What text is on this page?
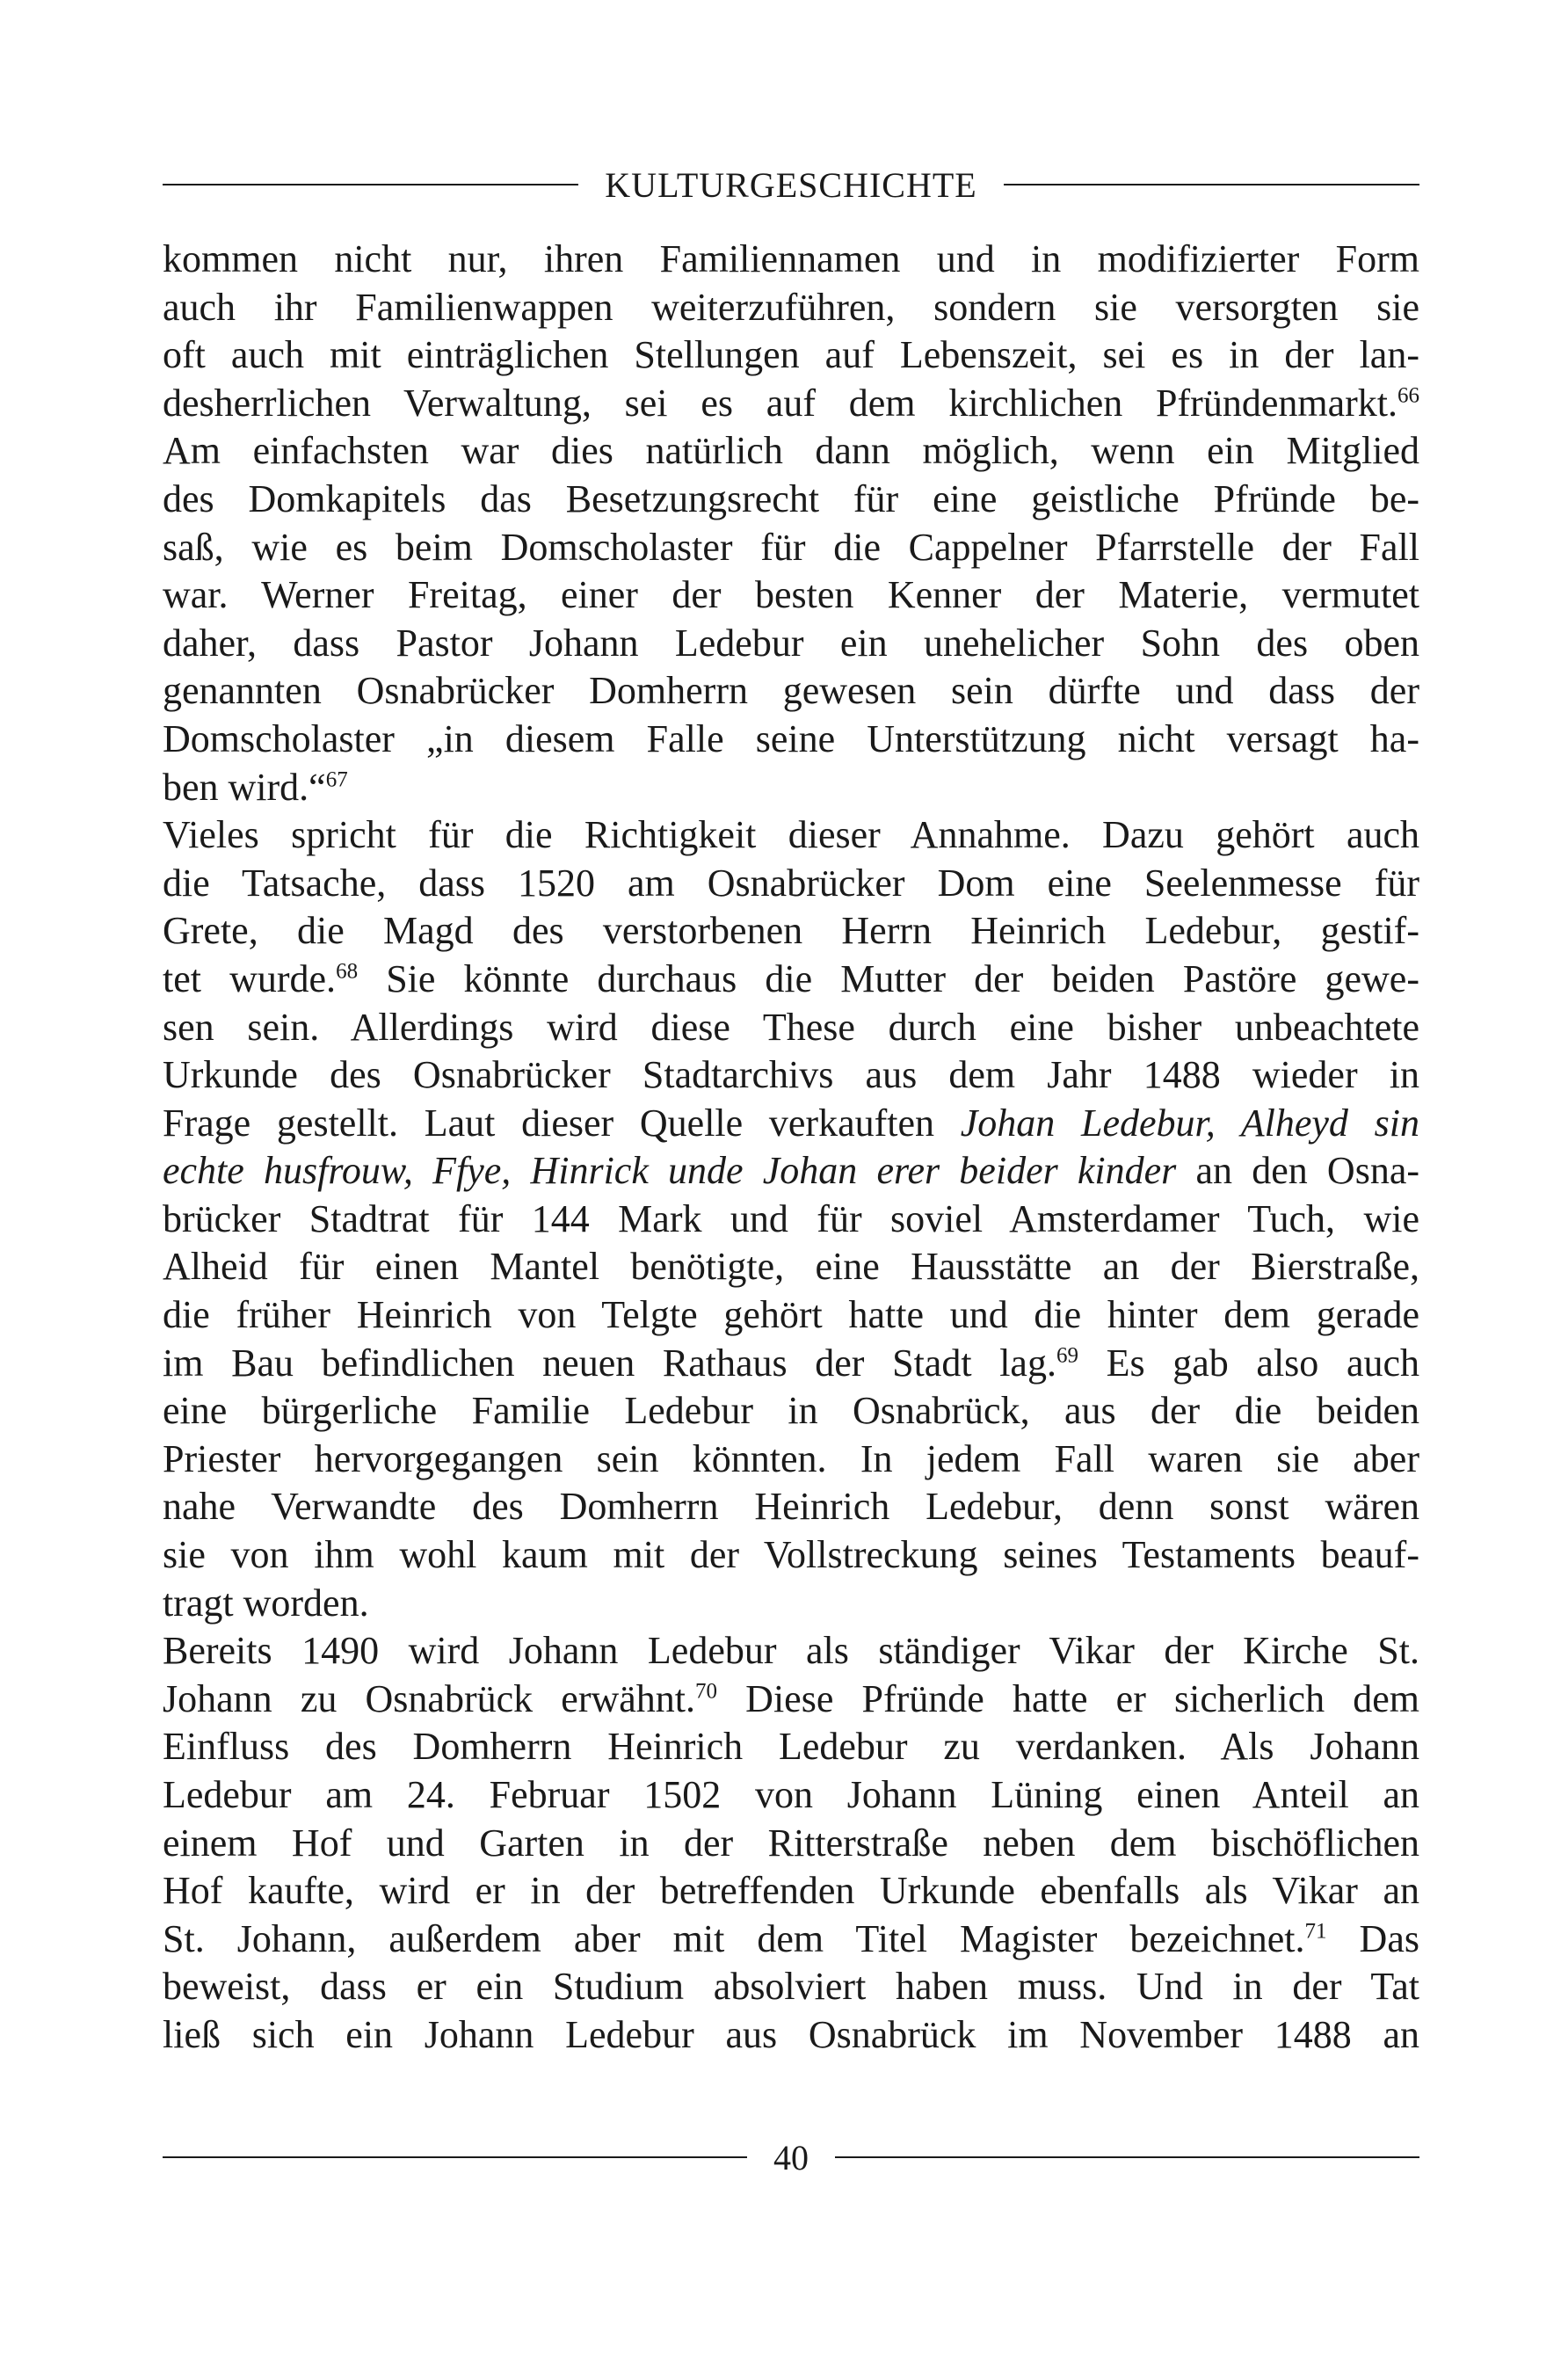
KULTURGESCHICHTE
kommen nicht nur, ihren Familiennamen und in modifizierter Form
auch ihr Familienwappen weiterzuführen, sondern sie versorgten sie
oft auch mit einträglichen Stellungen auf Lebenszeit, sei es in der lan-
desherrlichen Verwaltung, sei es auf dem kirchlichen Pfründenmarkt.$^{66}$
Am einfachsten war dies natürlich dann möglich, wenn ein Mitglied
des Domkapitels das Besetzungsrecht für eine geistliche Pfründe be-
saß, wie es beim Domscholaster für die Cappelner Pfarrstelle der Fall
war. Werner Freitag, einer der besten Kenner der Materie, vermutet
daher, dass Pastor Johann Ledebur ein unehelicher Sohn des oben
genannten Osnabrücker Domherrn gewesen sein dürfte und dass der
Domscholaster „in diesem Falle seine Unterstützung nicht versagt ha-
ben wird.“$^{67}$
Vieles spricht für die Richtigkeit dieser Annahme. Dazu gehört auch
die Tatsache, dass 1520 am Osnabrücker Dom eine Seelenmesse für
Grete, die Magd des verstorbenen Herrn Heinrich Ledebur, gestif-
tet wurde.$^{68}$ Sie könnte durchaus die Mutter der beiden Pastöre gewe-
sen sein. Allerdings wird diese These durch eine bisher unbeachtete
Urkunde des Osnabrücker Stadtarchivs aus dem Jahr 1488 wieder in
Frage gestellt. Laut dieser Quelle verkauften Johan Ledebur, Alheyd sin
echte husfrouw, Ffye, Hinrick unde Johan erer beider kinder an den Osna-
brücker Stadtrat für 144 Mark und für soviel Amsterdamer Tuch, wie
Alheid für einen Mantel benötigte, eine Hausstätte an der Bierstraße,
die früher Heinrich von Telgte gehört hatte und die hinter dem gerade
im Bau befindlichen neuen Rathaus der Stadt lag.$^{69}$ Es gab also auch
eine bürgerliche Familie Ledebur in Osnabrück, aus der die beiden
Priester hervorgegangen sein könnten. In jedem Fall waren sie aber
nahe Verwandte des Domherrn Heinrich Ledebur, denn sonst wären
sie von ihm wohl kaum mit der Vollstreckung seines Testaments beauf-
tragt worden.
Bereits 1490 wird Johann Ledebur als ständiger Vikar der Kirche St.
Johann zu Osnabrück erwähnt.$^{70}$ Diese Pfründe hatte er sicherlich dem
Einfluss des Domherrn Heinrich Ledebur zu verdanken. Als Johann
Ledebur am 24. Februar 1502 von Johann Lüning einen Anteil an
einem Hof und Garten in der Ritterstraße neben dem bischöflichen
Hof kaufte, wird er in der betreffenden Urkunde ebenfalls als Vikar an
St. Johann, außerdem aber mit dem Titel Magister bezeichnet.$^{71}$ Das
beweist, dass er ein Studium absolviert haben muss. Und in der Tat
ließ sich ein Johann Ledebur aus Osnabrück im November 1488 an
40
